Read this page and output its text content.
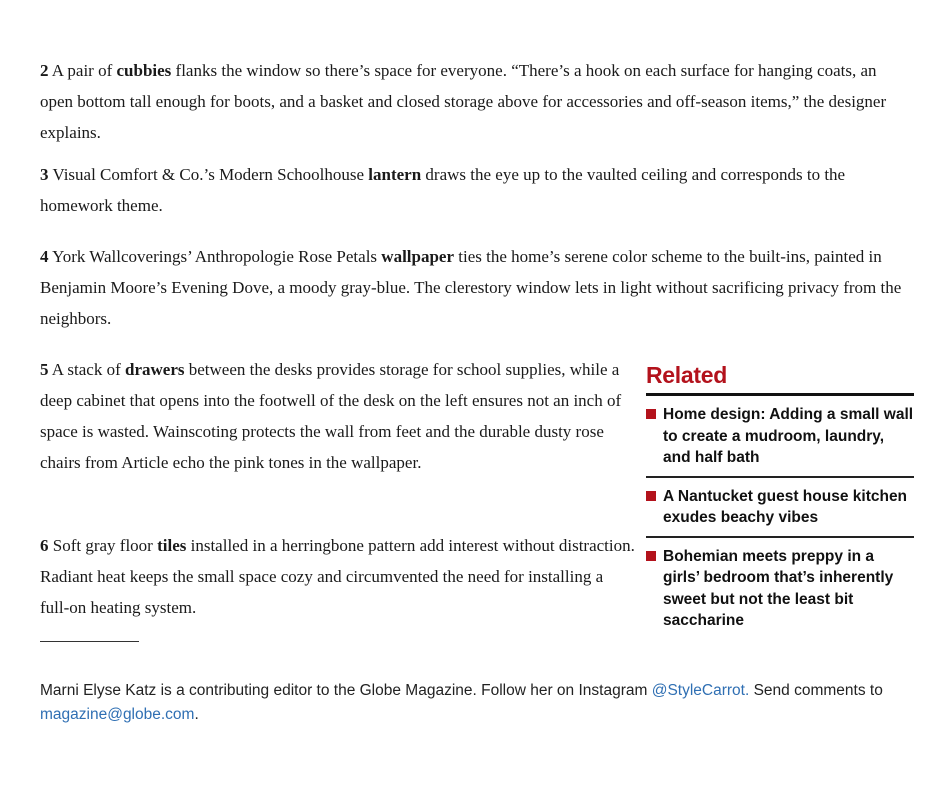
2 A pair of cubbies flanks the window so there’s space for everyone. “There’s a hook on each surface for hanging coats, an open bottom tall enough for boots, and a basket and closed storage above for accessories and off-season items,” the designer explains.

3 Visual Comfort & Co.’s Modern Schoolhouse lantern draws the eye up to the vaulted ceiling and corresponds to the homework theme.

4 York Wallcoverings’ Anthropologie Rose Petals wallpaper ties the home’s serene color scheme to the built-ins, painted in Benjamin Moore’s Evening Dove, a moody gray-blue. The clerestory window lets in light without sacrificing privacy from the neighbors.

5 A stack of drawers between the desks provides storage for school supplies, while a deep cabinet that opens into the footwell of the desk on the left ensures not an inch of space is wasted. Wainscoting protects the wall from feet and the durable dusty rose chairs from Article echo the pink tones in the wallpaper.

6 Soft gray floor tiles installed in a herringbone pattern add interest without distraction. Radiant heat keeps the small space cozy and circumvented the need for installing a full-on heating system.

Marni Elyse Katz is a contributing editor to the Globe Magazine. Follow her on Instagram @StyleCarrot. Send comments to magazine@globe.com.
Related
Home design: Adding a small wall to create a mudroom, laundry, and half bath
A Nantucket guest house kitchen exudes beachy vibes
Bohemian meets preppy in a girls’ bedroom that’s inherently sweet but not the least bit saccharine
